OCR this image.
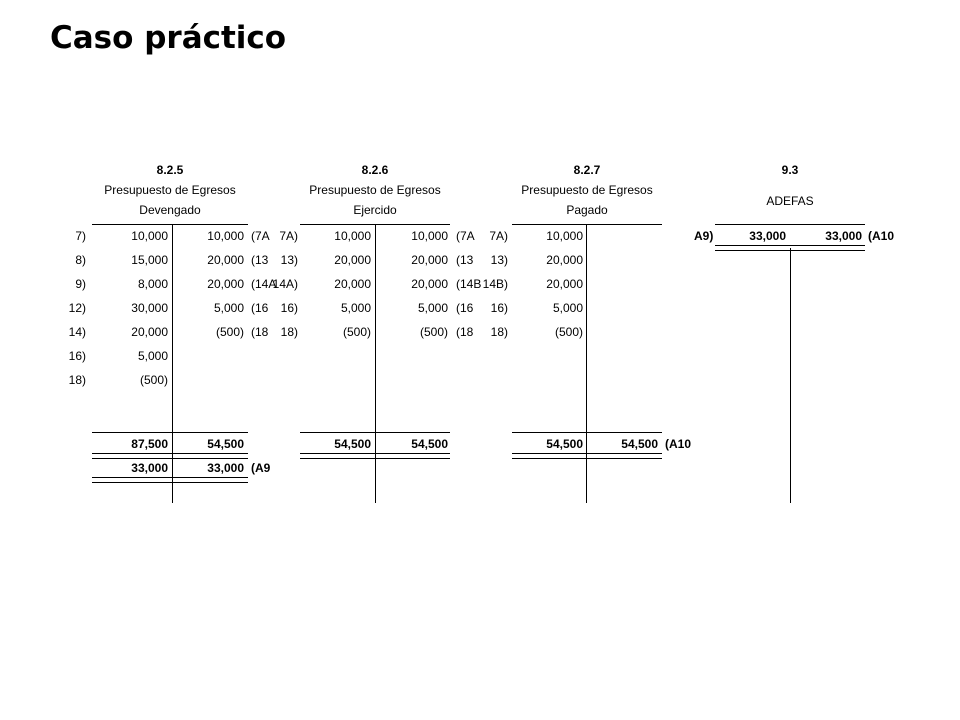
Caso práctico
8.2.5
Presupuesto de Egresos
Devengado
7)	10,000	10,000 (7A
8)	15,000	20,000 (13
9)	8,000	20,000 (14A
12)	30,000	5,000 (16
14)	20,000	(500) (18
16)	5,000
18)	(500)
87,500	54,500
33,000	33,000 (A9
8.2.6
Presupuesto de Egresos
Ejercido
7A)	10,000	10,000 (7A
13)	20,000	20,000 (13
14A)	20,000	20,000 (14B
16)	5,000	5,000 (16
18)	(500)	(500) (18
54,500	54,500
8.2.7
Presupuesto de Egresos
Pagado
7A)	10,000
13)	20,000
14B)	20,000
16)	5,000
18)	(500)
54,500	54,500 (A10
9.3
ADEFAS
A9)	33,000	33,000 (A10
